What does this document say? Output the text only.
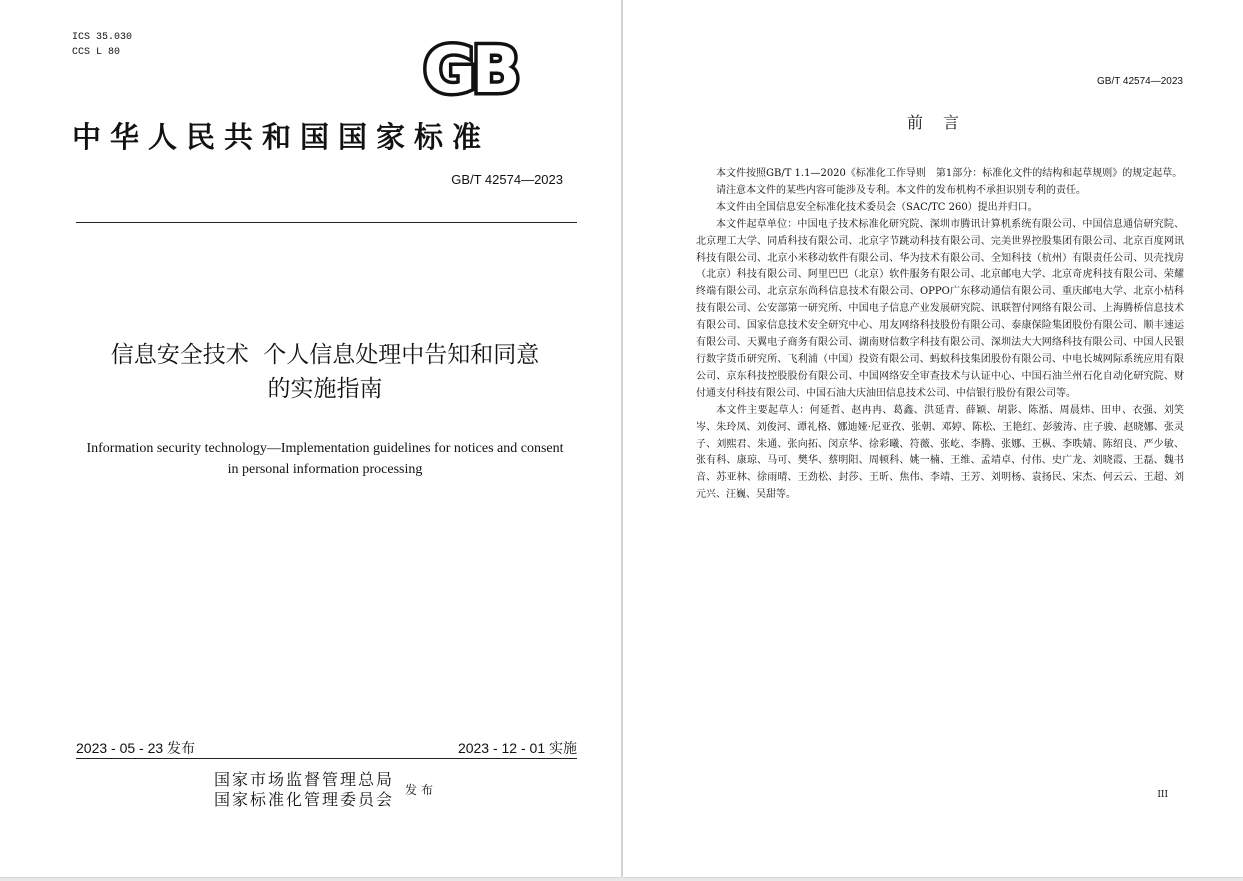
ICS 35.030
CCS L 80	GB
中华人民共和国国家标准
GB/T 42574—2023
信息安全技术  个人信息处理中告知和同意
的实施指南
Information security technology—Implementation guidelines for notices and consent
in personal information processing
2023 - 05 - 23 发布	2023 - 12 - 01 实施
国家市场监督管理总局
国家标准化管理委员会 发布
GB/T 42574—2023
前言

本文件按照GB/T 1.1—2020《标准化工作导则　第1部分：标准化文件的结构和起草规则》的规定起草。

请注意本文件的某些内容可能涉及专利。本文件的发布机构不承担识别专利的责任。

本文件由全国信息安全标准化技术委员会（SAC/TC 260）提出并归口。

本文件起草单位：中国电子技术标准化研究院、深圳市腾讯计算机系统有限公司、中国信息通信研究院、北京理工大学、同盾科技有限公司、北京字节跳动科技有限公司、完美世界控股集团有限公司、北京百度网讯科技有限公司、北京小米移动软件有限公司、华为技术有限公司、全知科技（杭州）有限责任公司、贝壳找房（北京）科技有限公司、阿里巴巴（北京）软件服务有限公司、北京邮电大学、北京奇虎科技有限公司、荣耀终端有限公司、北京京东尚科信息技术有限公司、OPPO广东移动通信有限公司、重庆邮电大学、北京小桔科技有限公司、公安部第一研究所、中国电子信息产业发展研究院、讯联智付网络有限公司、上海腾桥信息技术有限公司、国家信息技术安全研究中心、用友网络科技股份有限公司、泰康保险集团股份有限公司、顺丰速运有限公司、天翼电子商务有限公司、湖南财信数字科技有限公司、深圳法大大网络科技有限公司、中国人民银行数字货币研究所、飞利浦（中国）投资有限公司、蚂蚁科技集团股份有限公司、中电长城网际系统应用有限公司、京东科技控股股份有限公司、中国网络安全审查技术与认证中心、中国石油兰州石化自动化研究院、财付通支付科技有限公司、中国石油大庆油田信息技术公司、中信银行股份有限公司等。

本文件主要起草人：何延哲、赵冉冉、葛鑫、洪延青、薛颖、胡影、陈湉、周晨炜、田申、衣强、刘笑岑、朱玲凤、刘俊河、谭礼格、娜迪娅·尼亚孜、张朝、邓婷、陈松、王艳红、彭骏涛、庄子骏、赵晓娜、张灵子、刘熙君、朱通、张向拓、闵京华、徐彩曦、符薇、张屹、李腾、张娜、王枞、李昳婧、陈绍良、严少敏、张有科、康琼、马可、樊华、蔡明阳、周顿科、姚一楠、王维、孟靖卓、付伟、史广龙、刘晓霞、王磊、魏书音、苏亚林、徐雨晴、王劲松、封莎、王昕、焦伟、李靖、王芳、刘明杨、袁扬民、宋杰、何云云、王超、刘元兴、汪巍、吴甜等。

III
